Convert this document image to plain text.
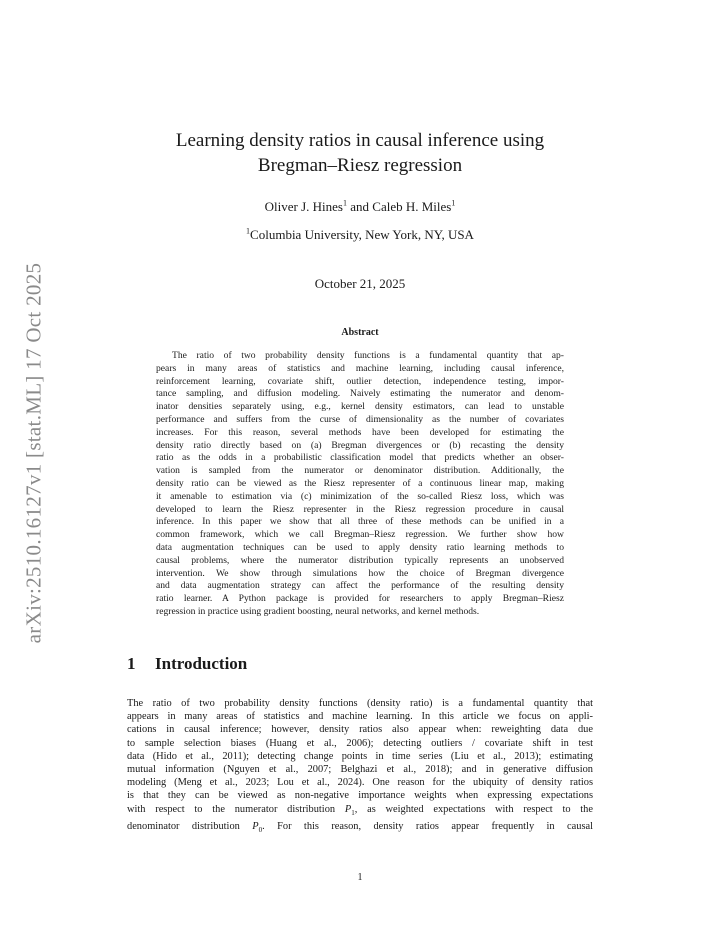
arXiv:2510.16127v1 [stat.ML] 17 Oct 2025
Learning density ratios in causal inference using
Bregman–Riesz regression
Oliver J. Hines$^1$ and Caleb H. Miles$^1$
$^1$Columbia University, New York, NY, USA
October 21, 2025
Abstract
The ratio of two probability density functions is a fundamental quantity that ap-
pears in many areas of statistics and machine learning, including causal inference,
reinforcement learning, covariate shift, outlier detection, independence testing, impor-
tance sampling, and diffusion modeling. Naively estimating the numerator and denom-
inator densities separately using, e.g., kernel density estimators, can lead to unstable
performance and suffers from the curse of dimensionality as the number of covariates
increases. For this reason, several methods have been developed for estimating the
density ratio directly based on (a) Bregman divergences or (b) recasting the density
ratio as the odds in a probabilistic classification model that predicts whether an obser-
vation is sampled from the numerator or denominator distribution. Additionally, the
density ratio can be viewed as the Riesz representer of a continuous linear map, making
it amenable to estimation via (c) minimization of the so-called Riesz loss, which was
developed to learn the Riesz representer in the Riesz regression procedure in causal
inference. In this paper we show that all three of these methods can be unified in a
common framework, which we call Bregman–Riesz regression. We further show how
data augmentation techniques can be used to apply density ratio learning methods to
causal problems, where the numerator distribution typically represents an unobserved
intervention. We show through simulations how the choice of Bregman divergence
and data augmentation strategy can affect the performance of the resulting density
ratio learner. A Python package is provided for researchers to apply Bregman–Riesz
regression in practice using gradient boosting, neural networks, and kernel methods.
1 Introduction
The ratio of two probability density functions (density ratio) is a fundamental quantity that
appears in many areas of statistics and machine learning. In this article we focus on appli-
cations in causal inference; however, density ratios also appear when: reweighting data due
to sample selection biases (Huang et al., 2006); detecting outliers / covariate shift in test
data (Hido et al., 2011); detecting change points in time series (Liu et al., 2013); estimating
mutual information (Nguyen et al., 2007; Belghazi et al., 2018); and in generative diffusion
modeling (Meng et al., 2023; Lou et al., 2024). One reason for the ubiquity of density ratios
is that they can be viewed as non-negative importance weights when expressing expectations
with respect to the numerator distribution $P_1$, as weighted expectations with respect to the
denominator distribution $P_0$. For this reason, density ratios appear frequently in causal
1
